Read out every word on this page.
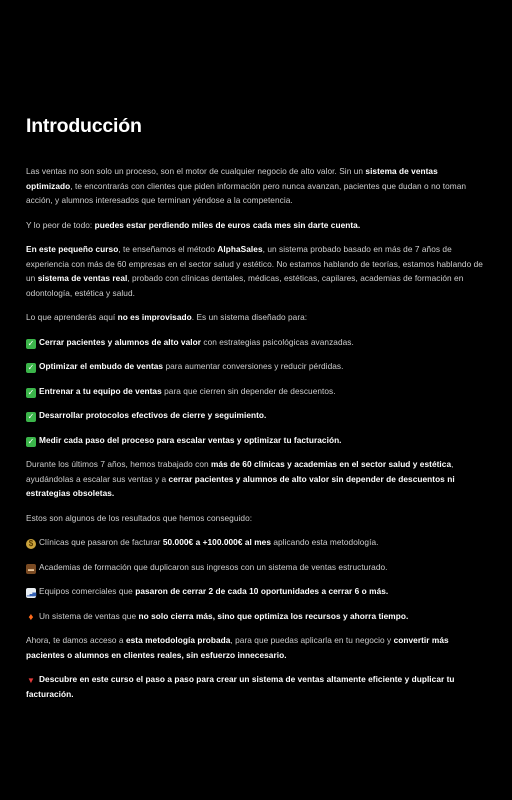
Introducción

Las ventas no son solo un proceso, son el motor de cualquier negocio de alto valor. Sin un sistema de ventas optimizado, te encontrarás con clientes que piden información pero nunca avanzan, pacientes que dudan o no toman acción, y alumnos interesados que terminan yéndose a la competencia.

Y lo peor de todo: puedes estar perdiendo miles de euros cada mes sin darte cuenta.

En este pequeño curso, te enseñamos el método AlphaSales, un sistema probado basado en más de 7 años de experiencia con más de 60 empresas en el sector salud y estético. No estamos hablando de teorías, estamos hablando de un sistema de ventas real, probado con clínicas dentales, médicas, estéticas, capilares, academias de formación en odontología, estética y salud.

Lo que aprenderás aquí no es improvisado. Es un sistema diseñado para:

✓Cerrar pacientes y alumnos de alto valor con estrategias psicológicas avanzadas.

✓Optimizar el embudo de ventas para aumentar conversiones y reducir pérdidas.

✓Entrenar a tu equipo de ventas para que cierren sin depender de descuentos.

✓Desarrollar protocolos efectivos de cierre y seguimiento.

✓Medir cada paso del proceso para escalar ventas y optimizar tu facturación.

Durante los últimos 7 años, hemos trabajado con más de 60 clínicas y academias en el sector salud y estética, ayudándolas a escalar sus ventas y a cerrar pacientes y alumnos de alto valor sin depender de descuentos ni estrategias obsoletas.

Estos son algunos de los resultados que hemos conseguido:

$Clínicas que pasaron de facturar 50.000€ a +100.000€ al mes aplicando esta metodología.

▬Academias de formación que duplicaron sus ingresos con un sistema de ventas estructurado.

▁▃▅Equipos comerciales que pasaron de cerrar 2 de cada 10 oportunidades a cerrar 6 o más.

♦Un sistema de ventas que no solo cierra más, sino que optimiza los recursos y ahorra tiempo.

Ahora, te damos acceso a esta metodología probada, para que puedas aplicarla en tu negocio y convertir más pacientes o alumnos en clientes reales, sin esfuerzo innecesario.

▼Descubre en este curso el paso a paso para crear un sistema de ventas altamente eficiente y duplicar tu facturación.
